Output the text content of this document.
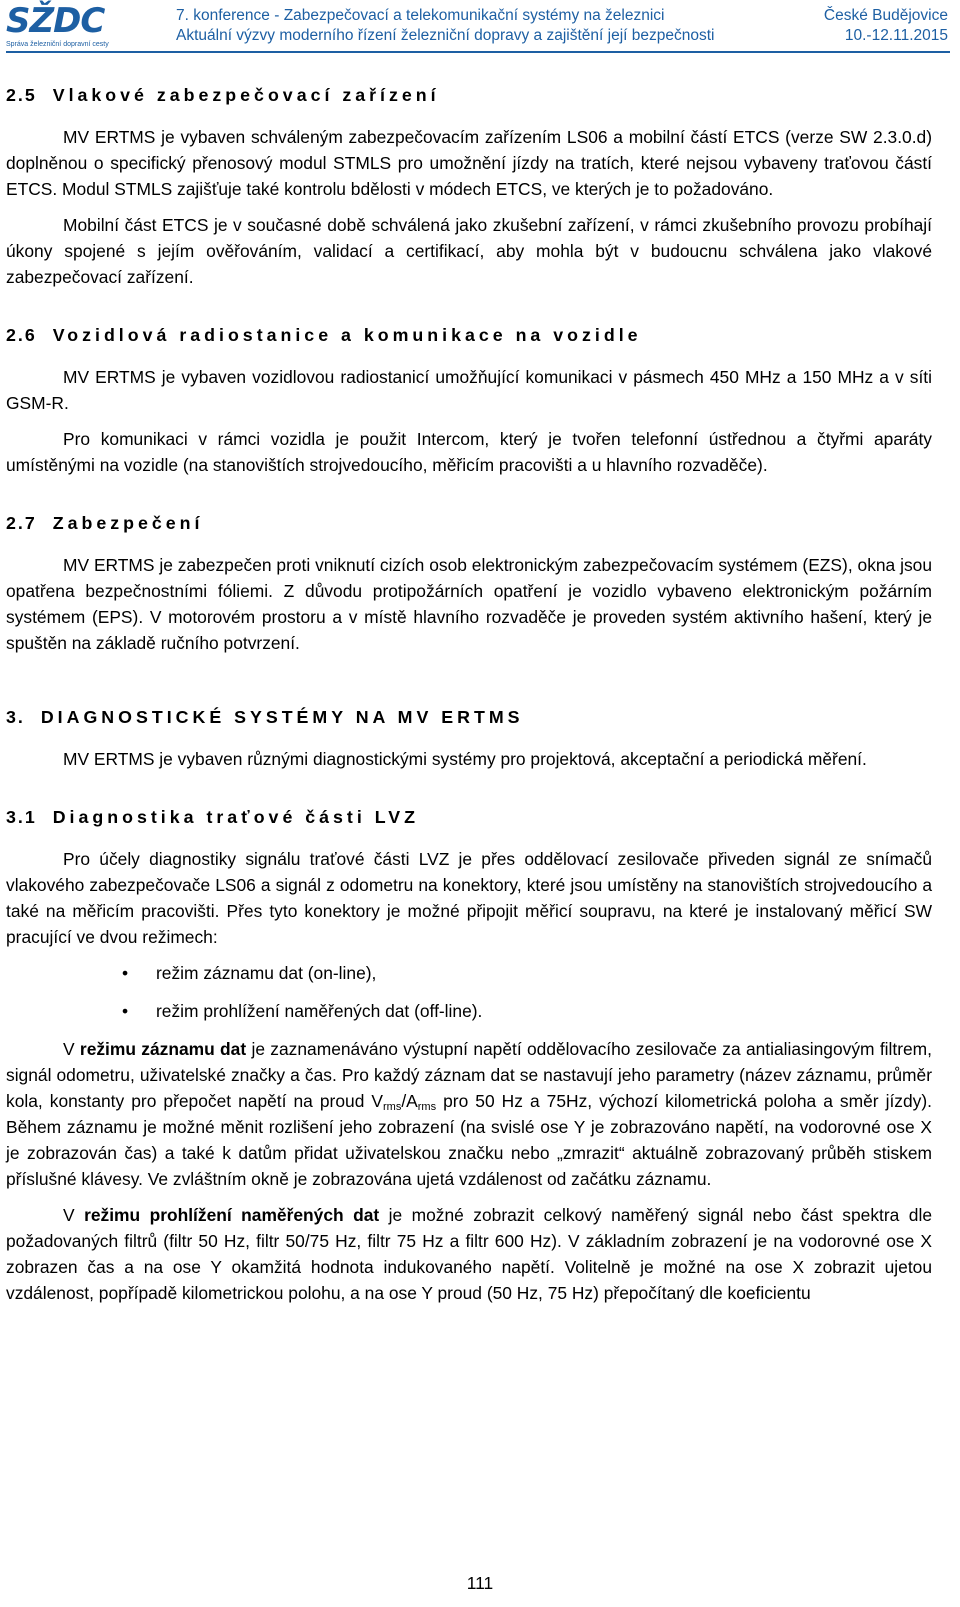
SŽDC
Správa železniční dopravní cesty
7. konference - Zabezpečovací a telekomunikační systémy na železnici
Aktuální výzvy moderního řízení železniční dopravy a zajištění její bezpečnosti
České Budějovice
10.-12.11.2015
2.5 Vlakové zabezpečovací zařízení

MV ERTMS je vybaven schváleným zabezpečovacím zařízením LS06 a mobilní částí ETCS (verze SW 2.3.0.d) doplněnou o specifický přenosový modul STMLS pro umožnění jízdy na tratích, které nejsou vybaveny traťovou částí ETCS. Modul STMLS zajišťuje také kontrolu bdělosti v módech ETCS, ve kterých je to požadováno.

Mobilní část ETCS je v současné době schválená jako zkušební zařízení, v rámci zkušebního provozu probíhají úkony spojené s jejím ověřováním, validací a certifikací, aby mohla být v budoucnu schválena jako vlakové zabezpečovací zařízení.

2.6 Vozidlová radiostanice a komunikace na vozidle

MV ERTMS je vybaven vozidlovou radiostanicí umožňující komunikaci v pásmech 450 MHz a 150 MHz a v síti GSM-R.

Pro komunikaci v rámci vozidla je použit Intercom, který je tvořen telefonní ústřednou a čtyřmi aparáty umístěnými na vozidle (na stanovištích strojvedoucího, měřicím pracovišti a u hlavního rozvaděče).

2.7 Zabezpečení

MV ERTMS je zabezpečen proti vniknutí cizích osob elektronickým zabezpečovacím systémem (EZS), okna jsou opatřena bezpečnostními fóliemi. Z důvodu protipožárních opatření je vozidlo vybaveno elektronickým požárním systémem (EPS). V motorovém prostoru a v místě hlavního rozvaděče je proveden systém aktivního hašení, který je spuštěn na základě ručního potvrzení.

3. DIAGNOSTICKÉ SYSTÉMY NA MV ERTMS

MV ERTMS je vybaven různými diagnostickými systémy pro projektová, akceptační a periodická měření.

3.1 Diagnostika traťové části LVZ

Pro účely diagnostiky signálu traťové části LVZ je přes oddělovací zesilovače přiveden signál ze snímačů vlakového zabezpečovače LS06 a signál z odometru na konektory, které jsou umístěny na stanovištích strojvedoucího a také na měřicím pracovišti. Přes tyto konektory je možné připojit měřicí soupravu, na které je instalovaný měřicí SW pracující ve dvou režimech:

• režim záznamu dat (on-line),
• režim prohlížení naměřených dat (off-line).

V režimu záznamu dat je zaznamenáváno výstupní napětí oddělovacího zesilovače za antialiasingovým filtrem, signál odometru, uživatelské značky a čas. Pro každý záznam dat se nastavují jeho parametry (název záznamu, průměr kola, konstanty pro přepočet napětí na proud $V_{rms}/A_{rms}$ pro 50 Hz a 75Hz, výchozí kilometrická poloha a směr jízdy). Během záznamu je možné měnit rozlišení jeho zobrazení (na svislé ose Y je zobrazováno napětí, na vodorovné ose X je zobrazován čas) a také k datům přidat uživatelskou značku nebo „zmrazit“ aktuálně zobrazovaný průběh stiskem příslušné klávesy. Ve zvláštním okně je zobrazována ujetá vzdálenost od začátku záznamu.

V režimu prohlížení naměřených dat je možné zobrazit celkový naměřený signál nebo část spektra dle požadovaných filtrů (filtr 50 Hz, filtr 50/75 Hz, filtr 75 Hz a filtr 600 Hz). V základním zobrazení je na vodorovné ose X zobrazen čas a na ose Y okamžitá hodnota indukovaného napětí. Volitelně je možné na ose X zobrazit ujetou vzdálenost, popřípadě kilometrickou polohu, a na ose Y proud (50 Hz, 75 Hz) přepočítaný dle koeficientu

111
